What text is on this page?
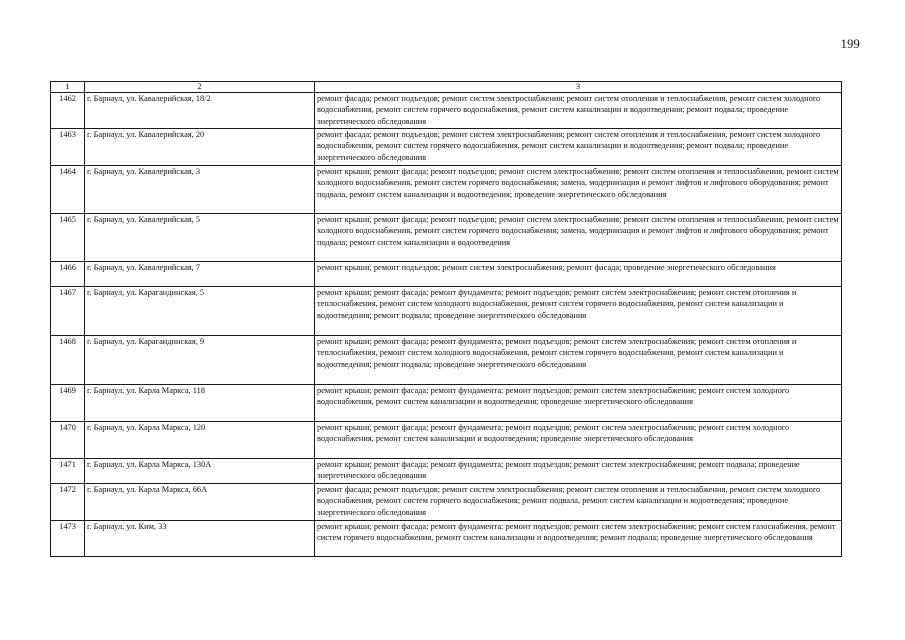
199
1	2	3
1462	г. Барнаул, ул. Кавалерийская, 18/2	ремонт фасада; ремонт подъездов; ремонт систем электроснабжения; ремонт систем отопления и теплоснабжения, ремонт систем холодного водоснабжения, ремонт систем горячего водоснабжения, ремонт систем канализации и водоотведения; ремонт подвала; проведение энергетического обследования
1463	г. Барнаул, ул. Кавалерийская, 20	ремонт фасада; ремонт подъездов; ремонт систем электроснабжения; ремонт систем отопления и теплоснабжения, ремонт систем холодного водоснабжения, ремонт систем горячего водоснабжения, ремонт систем канализации и водоотведения; ремонт подвала; проведение энергетического обследования
1464	г. Барнаул, ул. Кавалерийская, 3	ремонт крыши; ремонт фасада; ремонт подъездов; ремонт систем электроснабжения; ремонт систем отопления и теплоснабжения, ремонт систем холодного водоснабжения, ремонт систем горячего водоснабжения; замена, модернизация и ремонт лифтов и лифтового оборудования; ремонт подвала, ремонт систем канализации и водоотведения; проведение энергетического обследования
1465	г. Барнаул, ул. Кавалерийская, 5	ремонт крыши; ремонт фасада; ремонт подъездов; ремонт систем электроснабжения; ремонт систем отопления и теплоснабжения, ремонт систем холодного водоснабжения, ремонт систем горячего водоснабжения; замена, модернизация и ремонт лифтов и лифтового оборудования; ремонт подвала; ремонт систем канализации и водоотведения
1466	г. Барнаул, ул. Кавалерийская, 7	ремонт крыши; ремонт подъездов; ремонт систем электроснабжения; ремонт фасада; проведение энергетического обследования
1467	г. Барнаул, ул. Карагандинская, 5	ремонт крыши; ремонт фасада; ремонт фундамента; ремонт подъездов; ремонт систем электроснабжения; ремонт систем отопления и теплоснабжения, ремонт систем холодного водоснабжения, ремонт систем горячего водоснабжения, ремонт систем канализации и водоотведения; ремонт подвала; проведение энергетического обследования
1468	г. Барнаул, ул. Карагандинская, 9	ремонт крыши; ремонт фасада; ремонт фундамента; ремонт подъездов; ремонт систем электроснабжения; ремонт систем отопления и теплоснабжения, ремонт систем холодного водоснабжения, ремонт систем горячего водоснабжения, ремонт систем канализации и водоотведения; ремонт подвала; проведение энергетического обследования
1469	г. Барнаул, ул. Карла Маркса, 118	ремонт крыши; ремонт фасада; ремонт фундамента; ремонт подъездов; ремонт систем электроснабжения; ремонт систем холодного водоснабжения, ремонт систем канализации и водоотведения; проведение энергетического обследования
1470	г. Барнаул, ул. Карла Маркса, 120	ремонт крыши; ремонт фасада; ремонт фундамента; ремонт подъездов; ремонт систем электроснабжения; ремонт систем холодного водоснабжения, ремонт систем канализации и водоотведения; проведение энергетического обследования
1471	г. Барнаул, ул. Карла Маркса, 130А	ремонт крыши; ремонт фасада; ремонт фундамента; ремонт подъездов; ремонт систем электроснабжения; ремонт подвала; проведение энергетического обследования
1472	г. Барнаул, ул. Карла Маркса, 66А	ремонт фасада; ремонт подъездов; ремонт систем электроснабжения; ремонт систем отопления и теплоснабжения, ремонт систем холодного водоснабжения, ремонт систем горячего водоснабжения; ремонт подвала, ремонт систем канализации и водоотведения; проведение энергетического обследования
1473	г. Барнаул, ул. Ким, 33	ремонт крыши; ремонт фасада; ремонт фундамента; ремонт подъездов; ремонт систем электроснабжения; ремонт систем газоснабжения, ремонт систем горячего водоснабжения, ремонт систем канализации и водоотведения; ремонт подвала; проведение энергетического обследования
